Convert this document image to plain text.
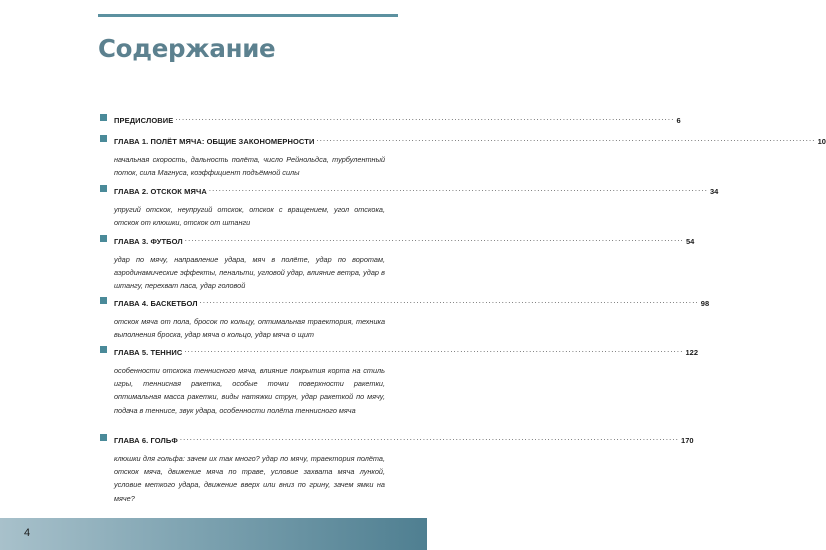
Содержание
ПРЕДИСЛОВИЕ ........................................................................................................................................................ 6
ГЛАВА 1. ПОЛЁТ МЯЧА: ОБЩИЕ ЗАКОНОМЕРНОСТИ ........................................................................................................................................................ 10
начальная скорость, дальность полёта, число Рейнольдса, турбулентный поток, сила Магнуса, коэффициент подъёмной силы
ГЛАВА 2. ОТСКОК МЯЧА ........................................................................................................................................................ 34
упругий отскок, неупругий отскок, отскок с вращением, угол отскока, отскок от клюшки, отскок от штанги
ГЛАВА 3. ФУТБОЛ ........................................................................................................................................................ 54
удар по мячу, направление удара, мяч в полёте, удар по воротам, аэродинамические эффекты, пенальти, угловой удар, влияние ветра, удар в штангу, перехват паса, удар головой
ГЛАВА 4. БАСКЕТБОЛ ........................................................................................................................................................ 98
отскок мяча от пола, бросок по кольцу, оптимальная траектория, техника выполнения броска, удар мяча о кольцо, удар мяча о щит
ГЛАВА 5. ТЕННИС ........................................................................................................................................................ 122
особенности отскока теннисного мяча, влияние покрытия корта на стиль игры, теннисная ракетка, особые точки поверхности ракетки, оптимальная масса ракетки, виды натяжки струн, удар ракеткой по мячу, подача в теннисе, звук удара, особенности полёта теннисного мяча
ГЛАВА 6. ГОЛЬФ ........................................................................................................................................................ 170
клюшки для гольфа: зачем их так много? удар по мячу, траектория полёта, отскок мяча, движение мяча по траве, условие захвата мяча лункой, условие меткого удара, движение вверх или вниз по грину, зачем ямки на мяче?
4
